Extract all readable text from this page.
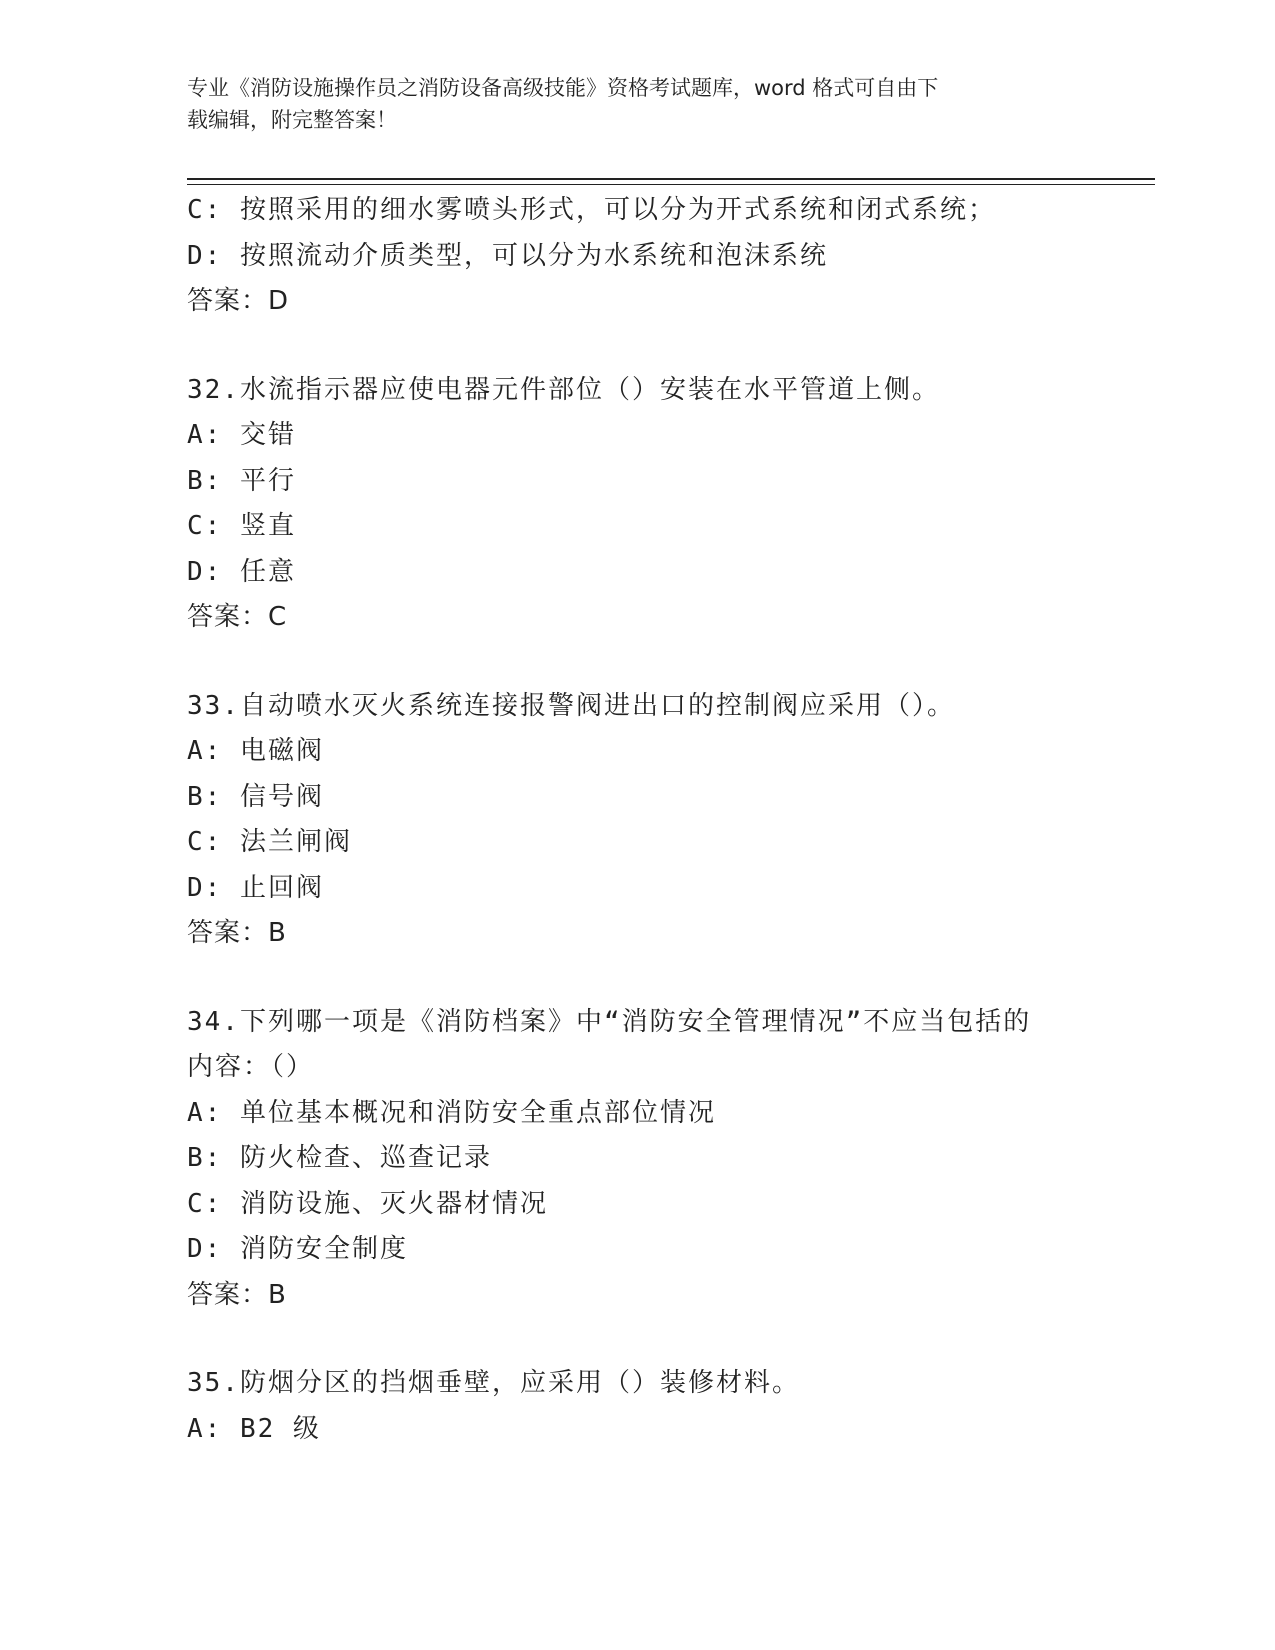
专业《消防设施操作员之消防设备高级技能》资格考试题库，word 格式可自由下
载编辑，附完整答案！
C: 按照采用的细水雾喷头形式，可以分为开式系统和闭式系统；
D: 按照流动介质类型，可以分为水系统和泡沫系统
答案：D
32.水流指示器应使电器元件部位（）安装在水平管道上侧。
A: 交错
B: 平行
C: 竖直
D: 任意
答案：C
33.自动喷水灭火系统连接报警阀进出口的控制阀应采用（）。
A: 电磁阀
B: 信号阀
C: 法兰闸阀
D: 止回阀
答案：B
34.下列哪一项是《消防档案》中“消防安全管理情况”不应当包括的
内容：（）
A: 单位基本概况和消防安全重点部位情况
B: 防火检查、巡查记录
C: 消防设施、灭火器材情况
D: 消防安全制度
答案：B
35.防烟分区的挡烟垂壁，应采用（）装修材料。
A: B2 级
